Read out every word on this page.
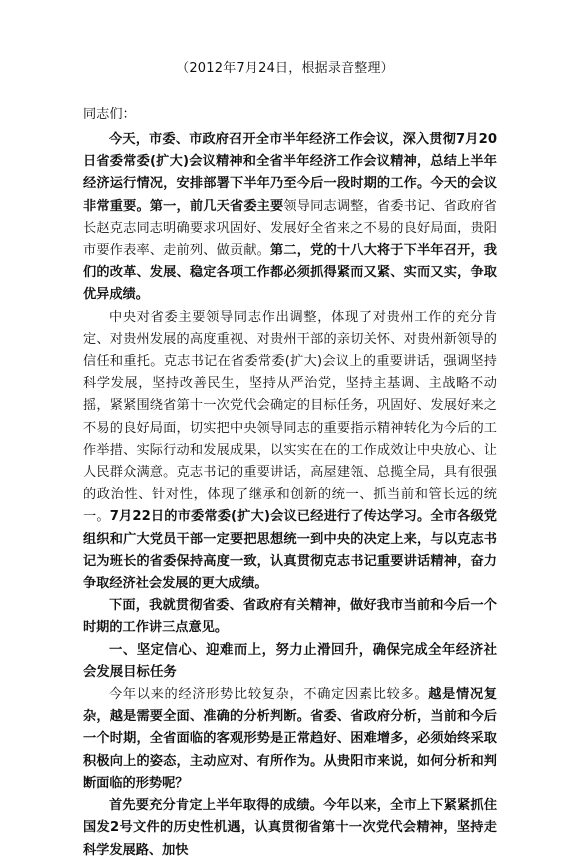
（2012年7月24日，根据录音整理）

同志们：

今天，市委、市政府召开全市半年经济工作会议，深入贯彻7月20日省委常委(扩大)会议精神和全省半年经济工作会议精神，总结上半年经济运行情况，安排部署下半年乃至今后一段时期的工作。今天的会议非常重要。第一，前几天省委主要领导同志调整，省委书记、省政府省长赵克志同志明确要求巩固好、发展好全省来之不易的良好局面，贵阳市要作表率、走前列、做贡献。第二，党的十八大将于下半年召开，我们的改革、发展、稳定各项工作都必须抓得紧而又紧、实而又实，争取优异成绩。

中央对省委主要领导同志作出调整，体现了对贵州工作的充分肯定、对贵州发展的高度重视、对贵州干部的亲切关怀、对贵州新领导的信任和重托。克志书记在省委常委(扩大)会议上的重要讲话，强调坚持科学发展，坚持改善民生，坚持从严治党，坚持主基调、主战略不动摇，紧紧围绕省第十一次党代会确定的目标任务，巩固好、发展好来之不易的良好局面，切实把中央领导同志的重要指示精神转化为今后的工作举措、实际行动和发展成果，以实实在在的工作成效让中央放心、让人民群众满意。克志书记的重要讲话，高屋建瓴、总揽全局，具有很强的政治性、针对性，体现了继承和创新的统一、抓当前和管长远的统一。7月22日的市委常委(扩大)会议已经进行了传达学习。全市各级党组织和广大党员干部一定要把思想统一到中央的决定上来，与以克志书记为班长的省委保持高度一致，认真贯彻克志书记重要讲话精神，奋力争取经济社会发展的更大成绩。

下面，我就贯彻省委、省政府有关精神，做好我市当前和今后一个时期的工作讲三点意见。

一、坚定信心、迎难而上，努力止滑回升，确保完成全年经济社会发展目标任务

今年以来的经济形势比较复杂，不确定因素比较多。越是情况复杂，越是需要全面、准确的分析判断。省委、省政府分析，当前和今后一个时期，全省面临的客观形势是正常趋好、困难增多，必须始终采取积极向上的姿态，主动应对、有所作为。从贵阳市来说，如何分析和判断面临的形势呢？

首先要充分肯定上半年取得的成绩。今年以来，全市上下紧紧抓住国发2号文件的历史性机遇，认真贯彻省第十一次党代会精神，坚持走科学发展路、加快
